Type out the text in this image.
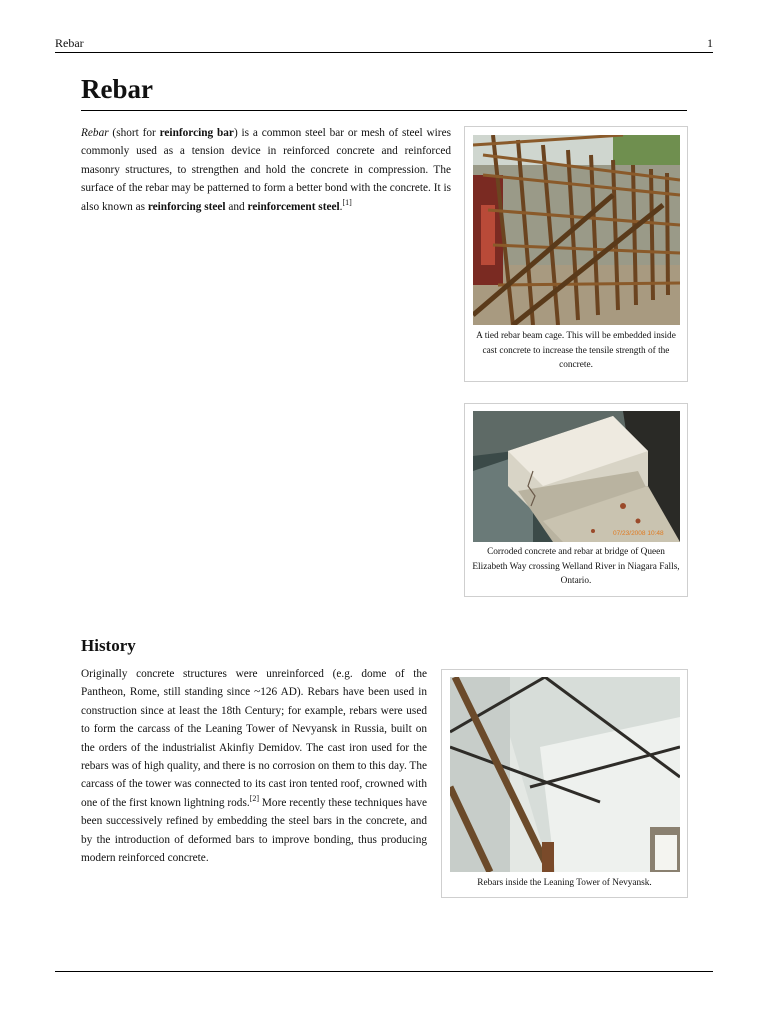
Rebar	1
Rebar

Rebar (short for reinforcing bar) is a common steel bar or mesh of steel wires commonly used as a tension device in reinforced concrete and reinforced masonry structures, to strengthen and hold the concrete in compression. The surface of the rebar may be patterned to form a better bond with the concrete. It is also known as reinforcing steel and reinforcement steel.[1]

A tied rebar beam cage. This will be embedded inside cast concrete to increase the tensile strength of the concrete.
07/23/2008 10:48
Corroded concrete and rebar at bridge of Queen Elizabeth Way crossing Welland River in Niagara Falls, Ontario.
History

Originally concrete structures were unreinforced (e.g. dome of the Pantheon, Rome, still standing since ~126 AD). Rebars have been used in construction since at least the 18th Century; for example, rebars were used to form the carcass of the Leaning Tower of Nevyansk in Russia, built on the orders of the industrialist Akinfiy Demidov. The cast iron used for the rebars was of high quality, and there is no corrosion on them to this day. The carcass of the tower was connected to its cast iron tented roof, crowned with one of the first known lightning rods.[2] More recently these techniques have been successively refined by embedding the steel bars in the concrete, and by the introduction of deformed bars to improve bonding, thus producing modern reinforced concrete.

Rebars inside the Leaning Tower of Nevyansk.
